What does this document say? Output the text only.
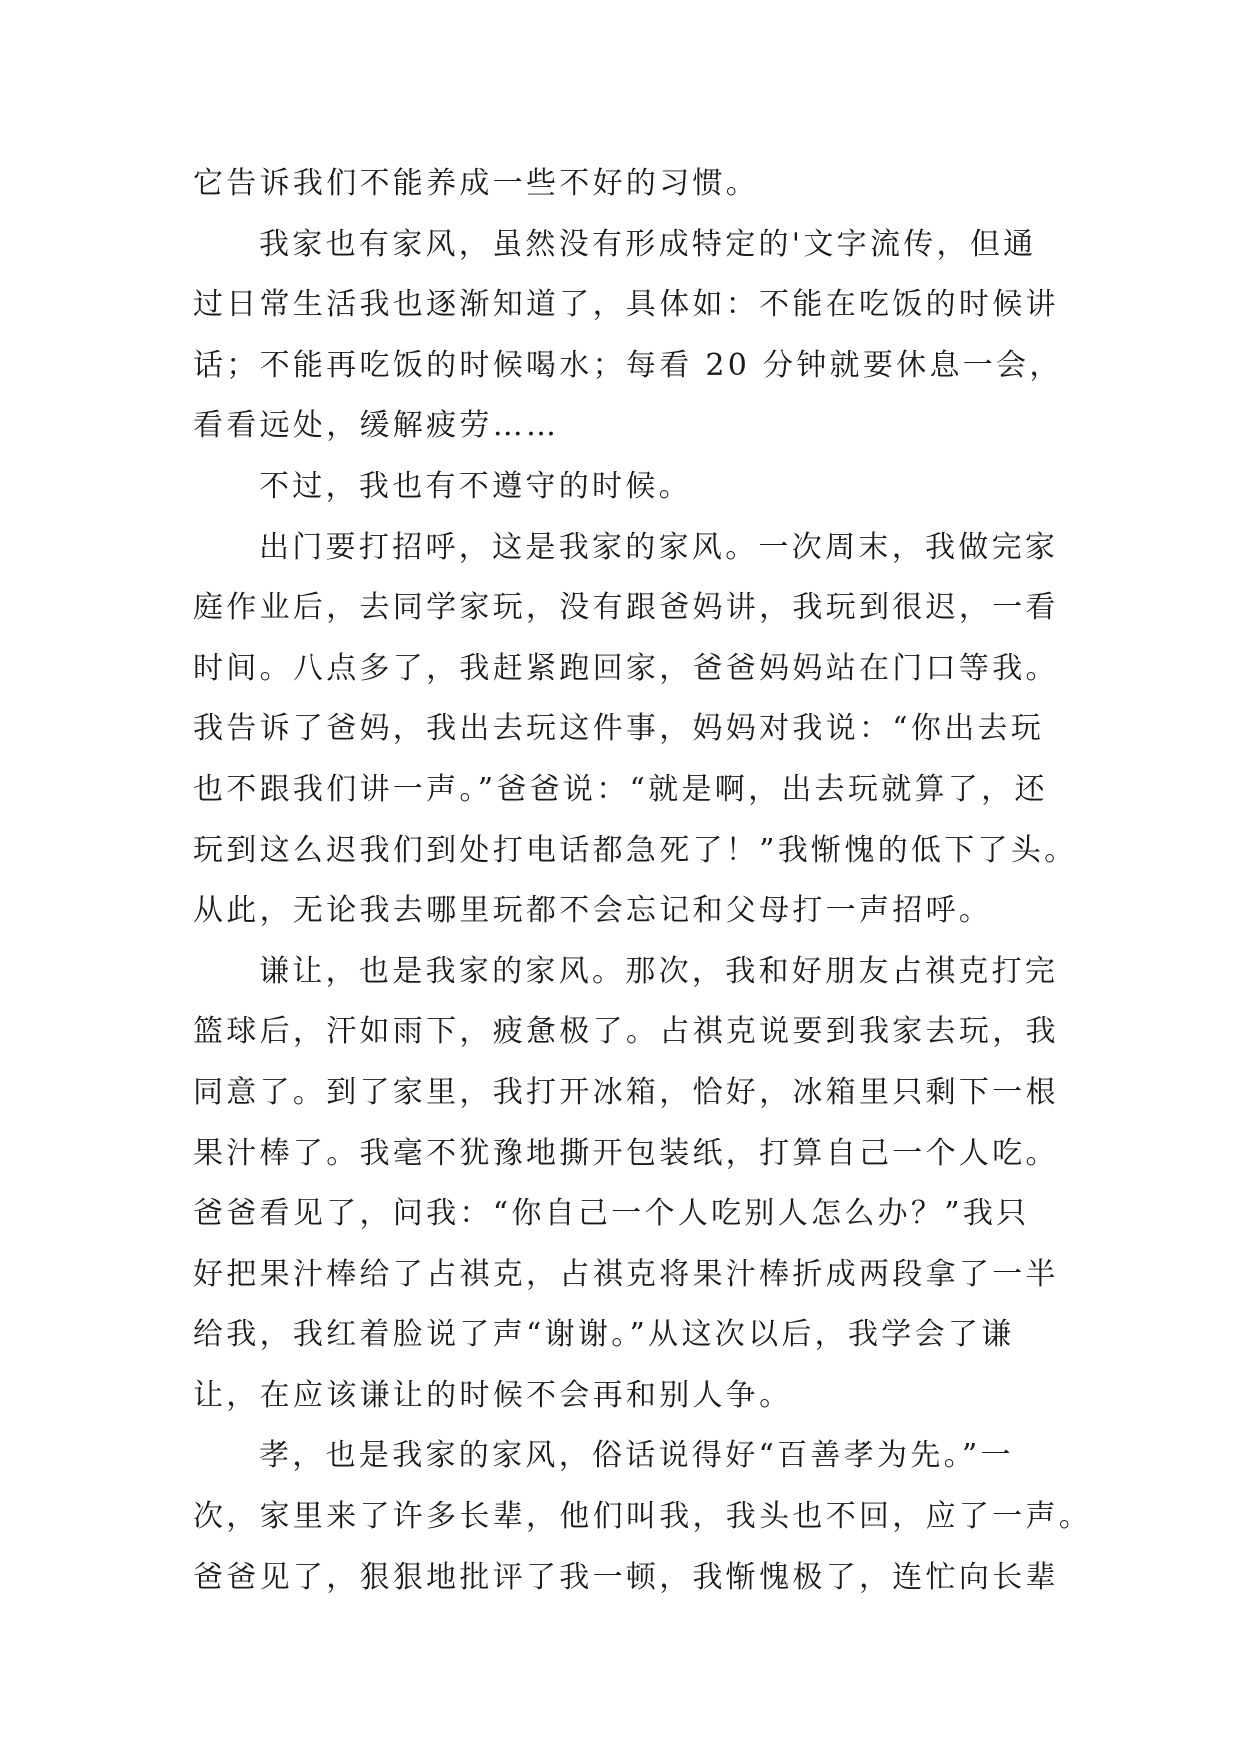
它告诉我们不能养成一些不好的习惯。
我家也有家风，虽然没有形成特定的'文字流传，但通
过日常生活我也逐渐知道了，具体如：不能在吃饭的时候讲
话；不能再吃饭的时候喝水；每看 20 分钟就要休息一会，
看看远处，缓解疲劳……
不过，我也有不遵守的时候。
出门要打招呼，这是我家的家风。一次周末，我做完家
庭作业后，去同学家玩，没有跟爸妈讲，我玩到很迟，一看
时间。八点多了，我赶紧跑回家，爸爸妈妈站在门口等我。
我告诉了爸妈，我出去玩这件事，妈妈对我说：“你出去玩
也不跟我们讲一声。”爸爸说：“就是啊，出去玩就算了，还
玩到这么迟我们到处打电话都急死了！”我惭愧的低下了头。
从此，无论我去哪里玩都不会忘记和父母打一声招呼。
谦让，也是我家的家风。那次，我和好朋友占祺克打完
篮球后，汗如雨下，疲惫极了。占祺克说要到我家去玩，我
同意了。到了家里，我打开冰箱，恰好，冰箱里只剩下一根
果汁棒了。我毫不犹豫地撕开包装纸，打算自己一个人吃。
爸爸看见了，问我：“你自己一个人吃别人怎么办？”我只
好把果汁棒给了占祺克，占祺克将果汁棒折成两段拿了一半
给我，我红着脸说了声“谢谢。”从这次以后，我学会了谦
让，在应该谦让的时候不会再和别人争。
孝，也是我家的家风，俗话说得好“百善孝为先。”一
次，家里来了许多长辈，他们叫我，我头也不回，应了一声。
爸爸见了，狠狠地批评了我一顿，我惭愧极了，连忙向长辈
